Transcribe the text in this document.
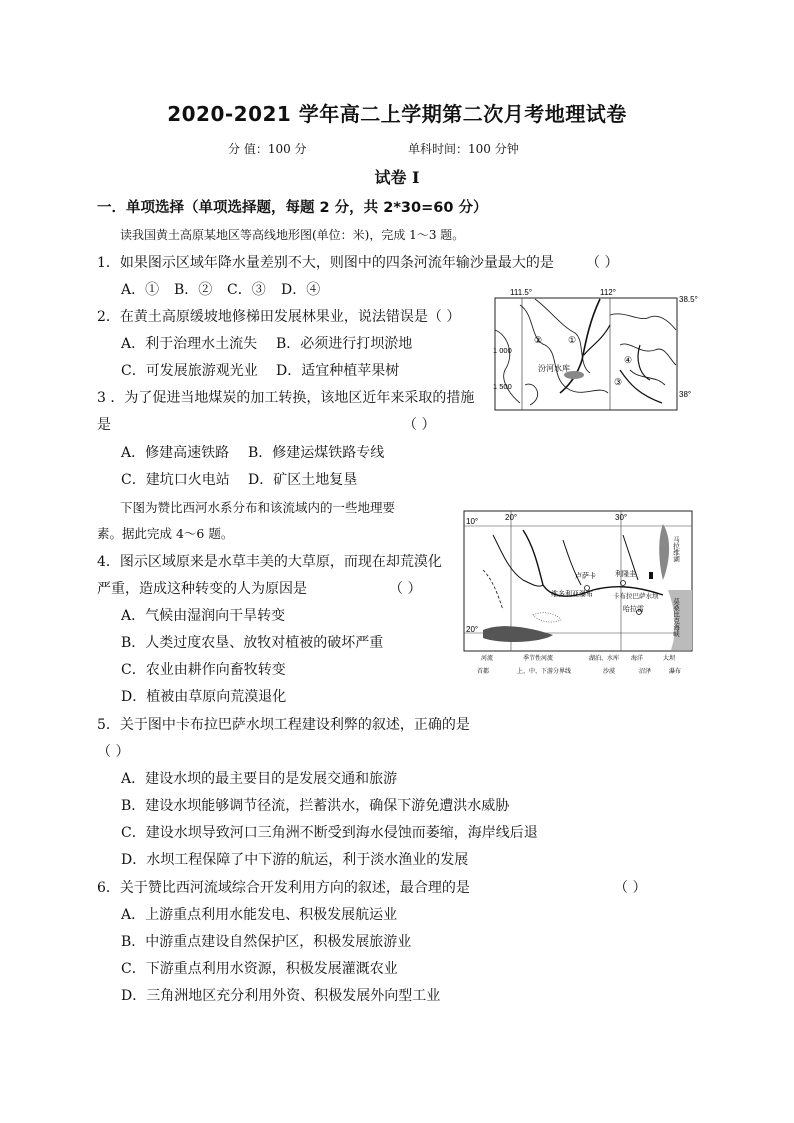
2020-2021 学年高二上学期第二次月考地理试卷
分 值：100 分	单科时间：100 分钟
试卷 I
一．单项选择（单项选择题，每题 2 分，共 2*30=60 分）
读我国黄土高原某地区等高线地形图(单位：米)，完成 1～3 题。
1．如果图示区域年降水量差别不大，则图中的四条河流年输沙量最大的是 （ ）
A．① B．② C．③ D．④
2．在黄土高原缓坡地修梯田发展林果业，说法错误是（ ）
A．利于治理水土流失 B．必须进行打坝淤地
C．可发展旅游观光业 D．适宜种植苹果树
3 ．为了促进当地煤炭的加工转换，该地区近年来采取的措施
是	（ ）
A．修建高速铁路 B．修建运煤铁路专线
C．建坑口火电站 D．矿区土地复垦
下图为赞比西河水系分布和该流域内的一些地理要
素。据此完成 4～6 题。
4．图示区域原来是水草丰美的大草原，而现在却荒漠化
严重，造成这种转变的人为原因是	（ ）
A．气候由湿润向干旱转变
B．人类过度农垦、放牧对植被的破坏严重
C．农业由耕作向畜牧转变
D．植被由草原向荒漠退化
5．关于图中卡布拉巴萨水坝工程建设利弊的叙述，正确的是
（ ）
A．建设水坝的最主要目的是发展交通和旅游
B．建设水坝能够调节径流，拦蓄洪水，确保下游免遭洪水威胁
C．建设水坝导致河口三角洲不断受到海水侵蚀而萎缩，海岸线后退
D．水坝工程保障了中下游的航运，利于淡水渔业的发展
6．关于赞比西河流域综合开发利用方向的叙述，最合理的是	（ ）
A．上游重点利用水能发电、积极发展航运业
B．中游重点建设自然保护区，积极发展旅游业
C．下游重点利用水资源，积极发展灌溉农业
D．三角洲地区充分利用外资、积极发展外向型工业
111.5°	112°
38.5°
38°
1 000
1 500
汾河水库
①
②
③
④
20°	30°
10°
20°
马拉维湖
卢萨卡	利隆圭
维多利亚瀑布	卡布拉巴萨水坝
哈拉雷	莫桑比克海峡
河流	季节性河流	湖泊、水库 海洋	大坝
首都	上、中、下游分界线	沙漠	沼泽	瀑布
